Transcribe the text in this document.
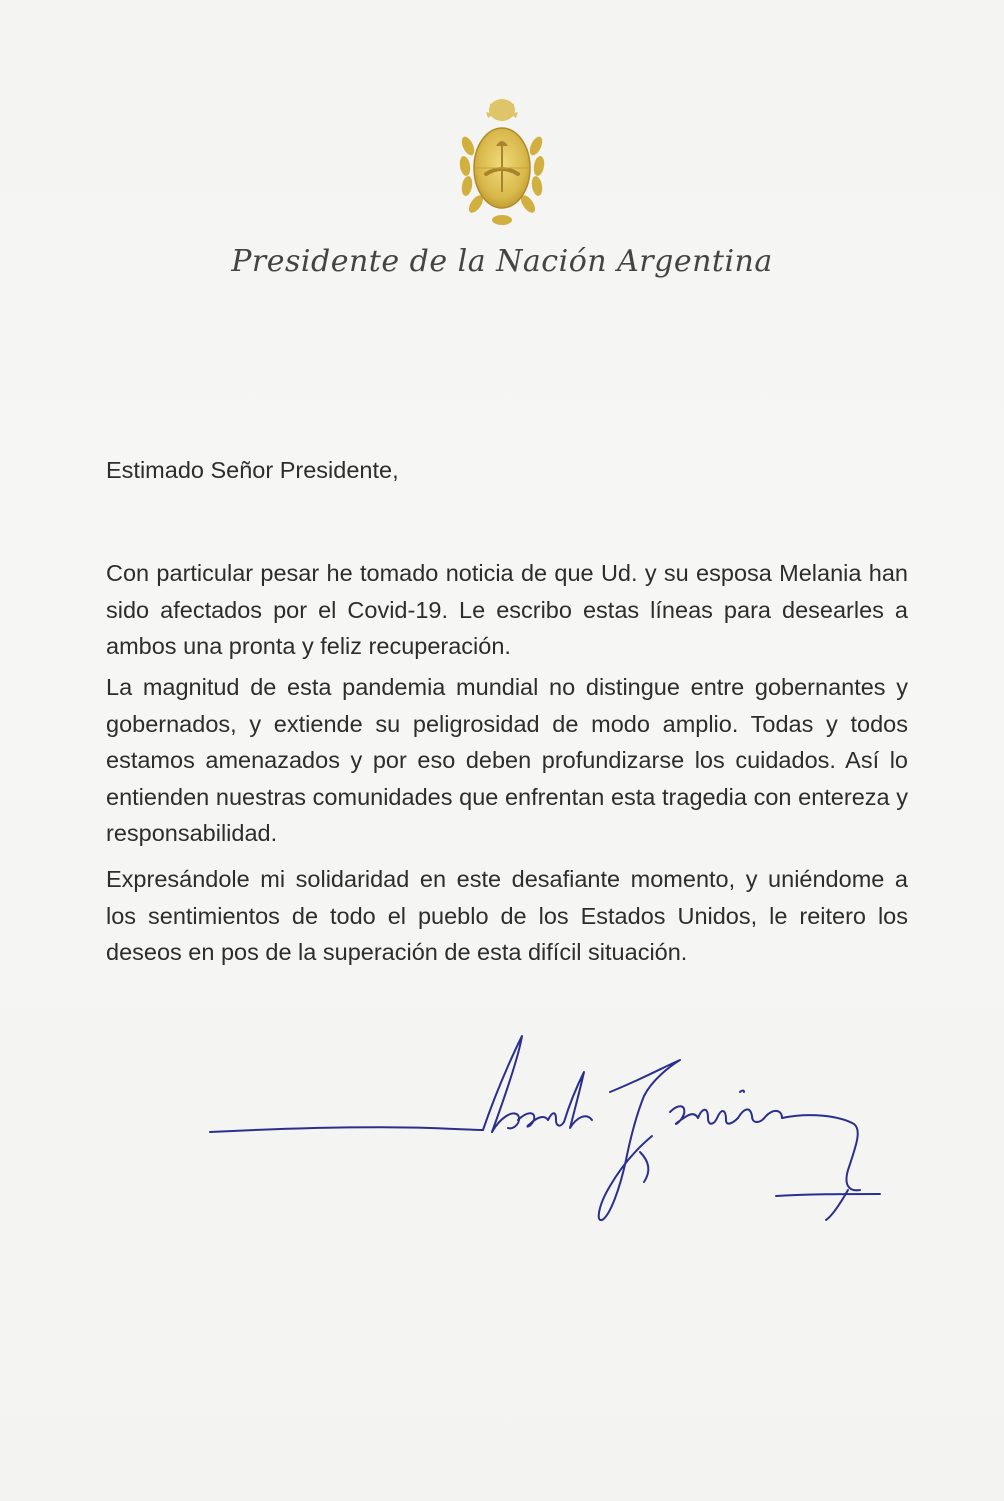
Presidente de la Nación Argentina

Estimado Señor Presidente,

Con particular pesar he tomado noticia de que Ud. y su esposa Melania han sido afectados por el Covid-19. Le escribo estas líneas para desearles a ambos una pronta y feliz recuperación.

La magnitud de esta pandemia mundial no distingue entre gobernantes y gobernados, y extiende su peligrosidad de modo amplio. Todas y todos estamos amenazados y por eso deben profundizarse los cuidados. Así lo entienden nuestras comunidades que enfrentan esta tragedia con entereza y responsabilidad.

Expresándole mi solidaridad en este desafiante momento, y uniéndome a los sentimientos de todo el pueblo de los Estados Unidos, le reitero los deseos en pos de la superación de esta difícil situación.
